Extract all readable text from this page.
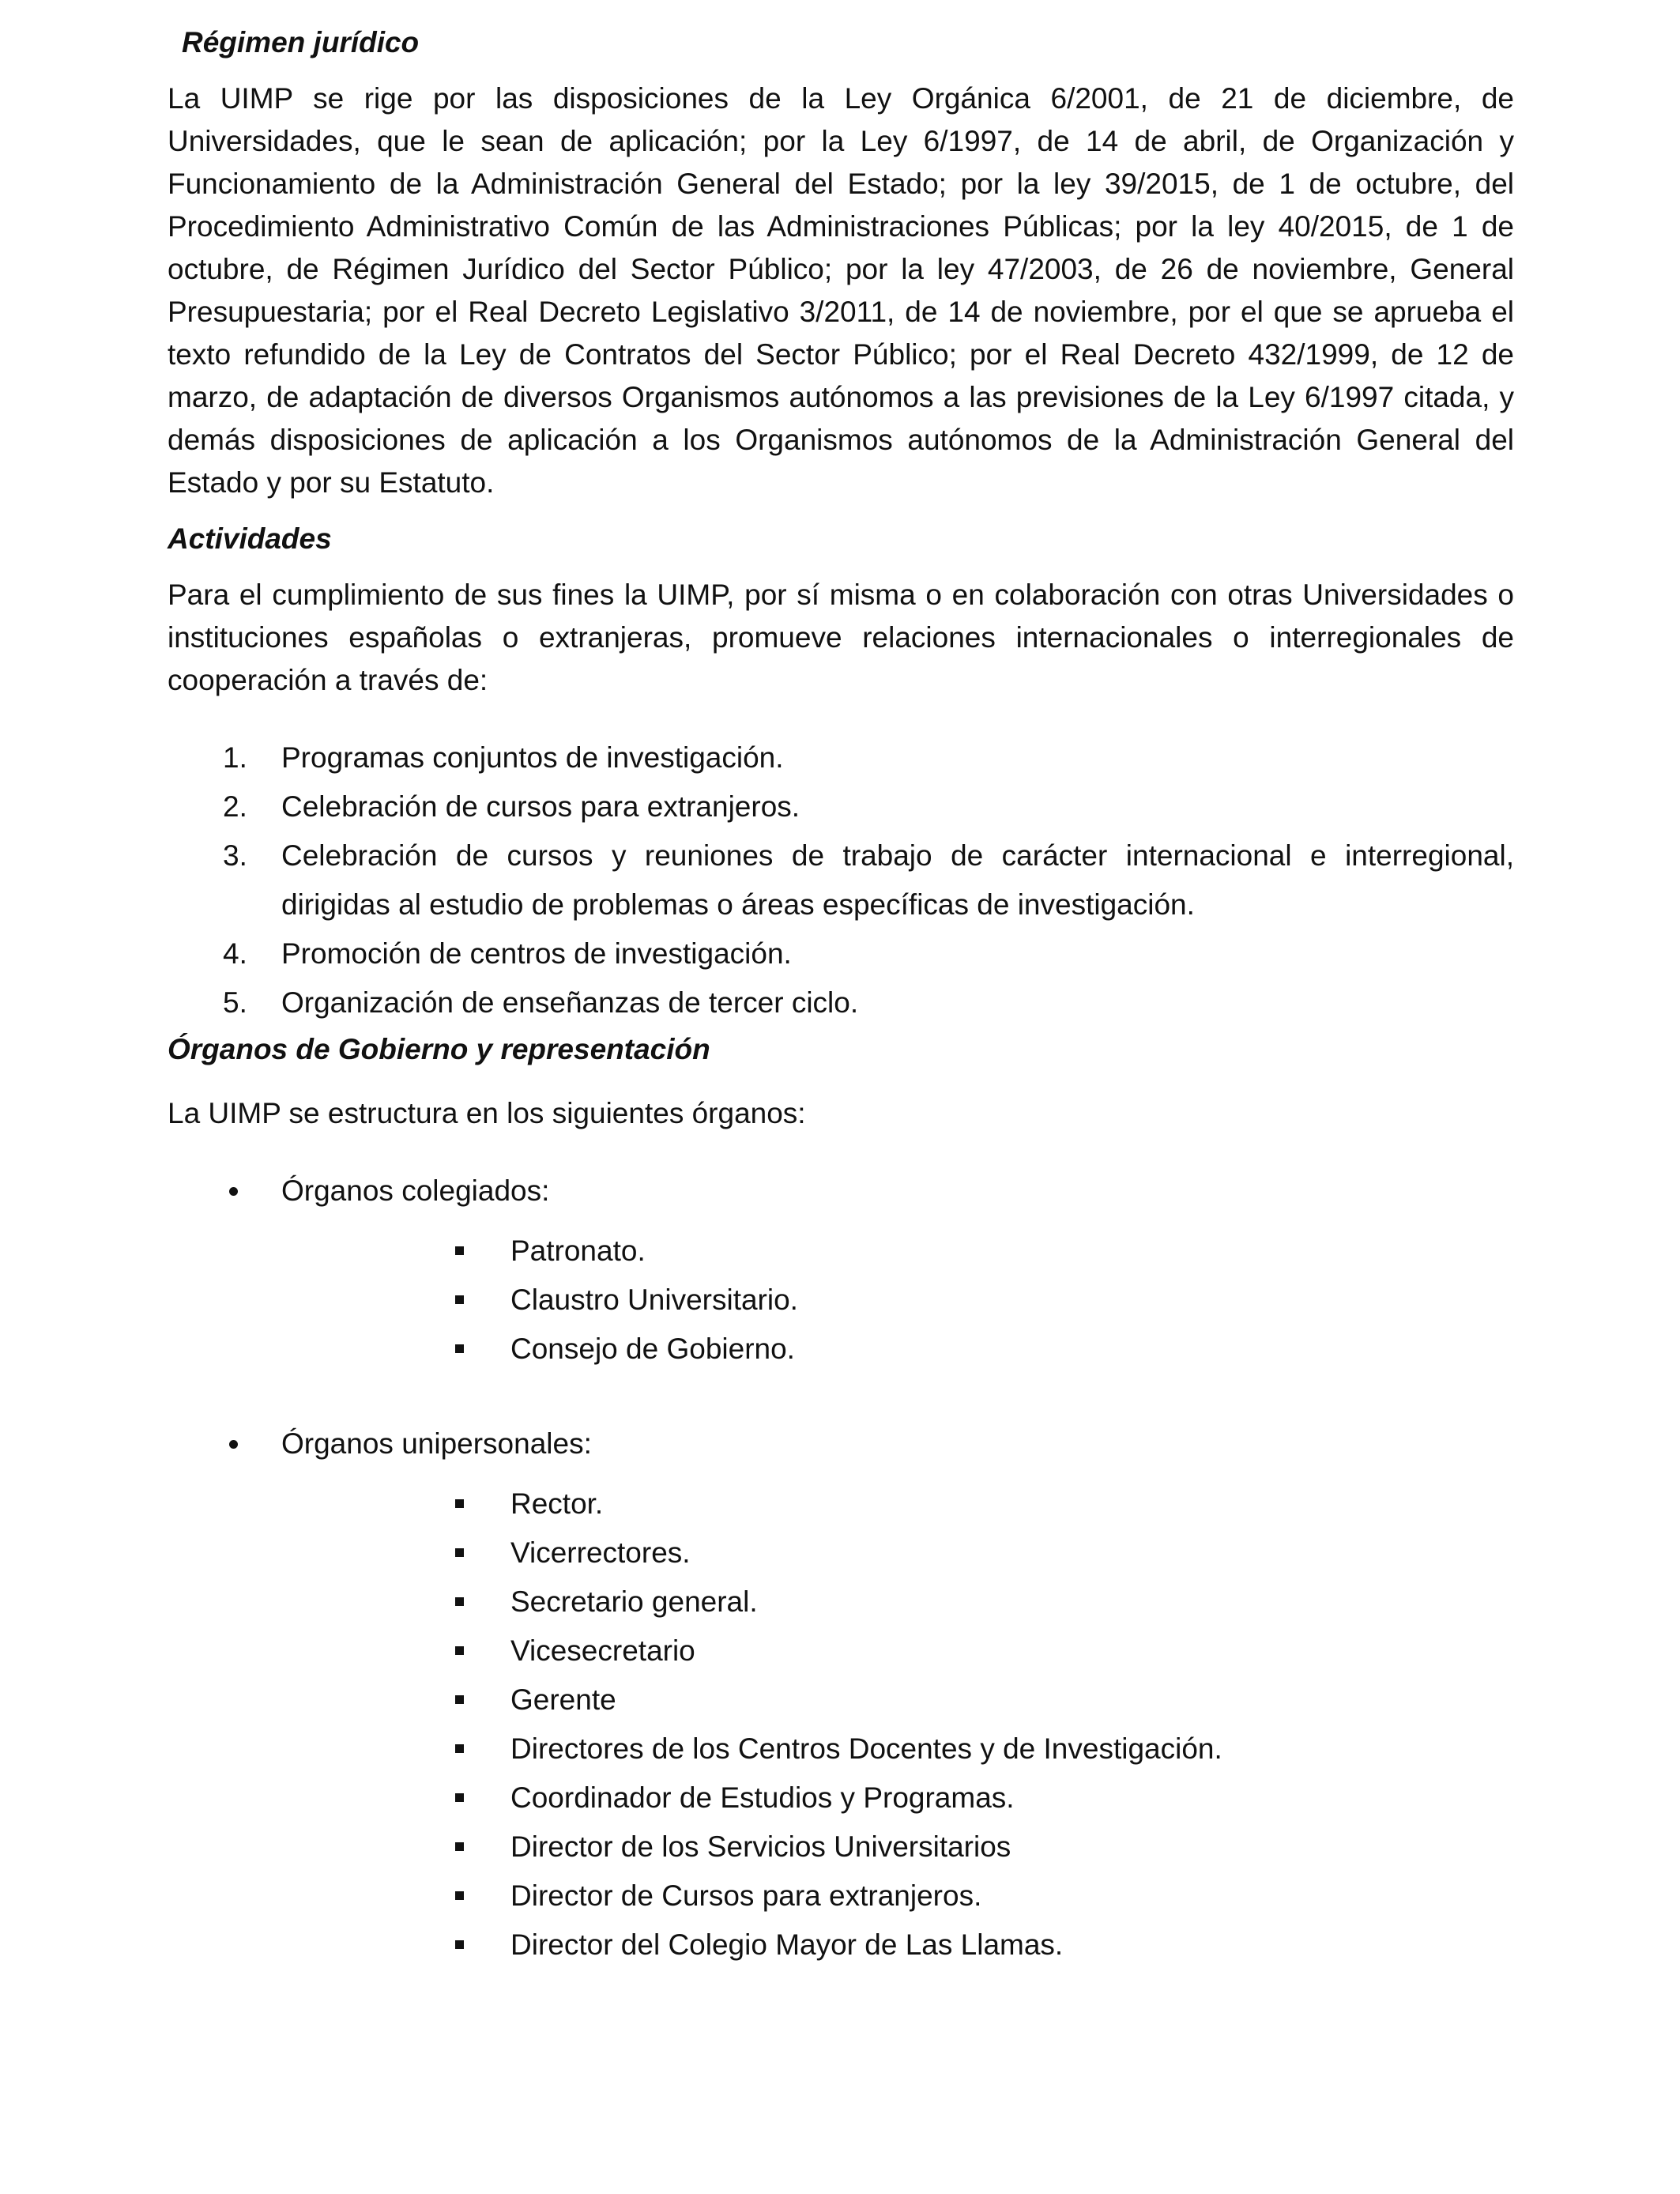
Régimen jurídico

La UIMP se rige por las disposiciones de la Ley Orgánica 6/2001, de 21 de diciembre, de Universidades, que le sean de aplicación; por la Ley 6/1997, de 14 de abril, de Organización y Funcionamiento de la Administración General del Estado; por la ley 39/2015, de 1 de octubre, del Procedimiento Administrativo Común de las Administraciones Públicas; por la ley 40/2015, de 1 de octubre, de Régimen Jurídico del Sector Público; por la ley 47/2003, de 26 de noviembre, General Presupuestaria; por el Real Decreto Legislativo 3/2011, de 14 de noviembre, por el que se aprueba el texto refundido de la Ley de Contratos del Sector Público; por el Real Decreto 432/1999, de 12 de marzo, de adaptación de diversos Organismos autónomos a las previsiones de la Ley 6/1997 citada, y demás disposiciones de aplicación a los Organismos autónomos de la Administración General del Estado y por su Estatuto.

Actividades

Para el cumplimiento de sus fines la UIMP, por sí misma o en colaboración con otras Universidades o instituciones españolas o extranjeras, promueve relaciones internacionales o interregionales de cooperación a través de:

1. Programas conjuntos de investigación.
2. Celebración de cursos para extranjeros.
3. Celebración de cursos y reuniones de trabajo de carácter internacional e interregional, dirigidas al estudio de problemas o áreas específicas de investigación.
4. Promoción de centros de investigación.
5. Organización de enseñanzas de tercer ciclo.
Órganos de Gobierno y representación

La UIMP se estructura en los siguientes órganos:

Órganos colegiados:
Patronato.
Claustro Universitario.
Consejo de Gobierno.
Órganos unipersonales:
Rector.
Vicerrectores.
Secretario general.
Vicesecretario
Gerente
Directores de los Centros Docentes y de Investigación.
Coordinador de Estudios y Programas.
Director de los Servicios Universitarios
Director de Cursos para extranjeros.
Director del Colegio Mayor de Las Llamas.
